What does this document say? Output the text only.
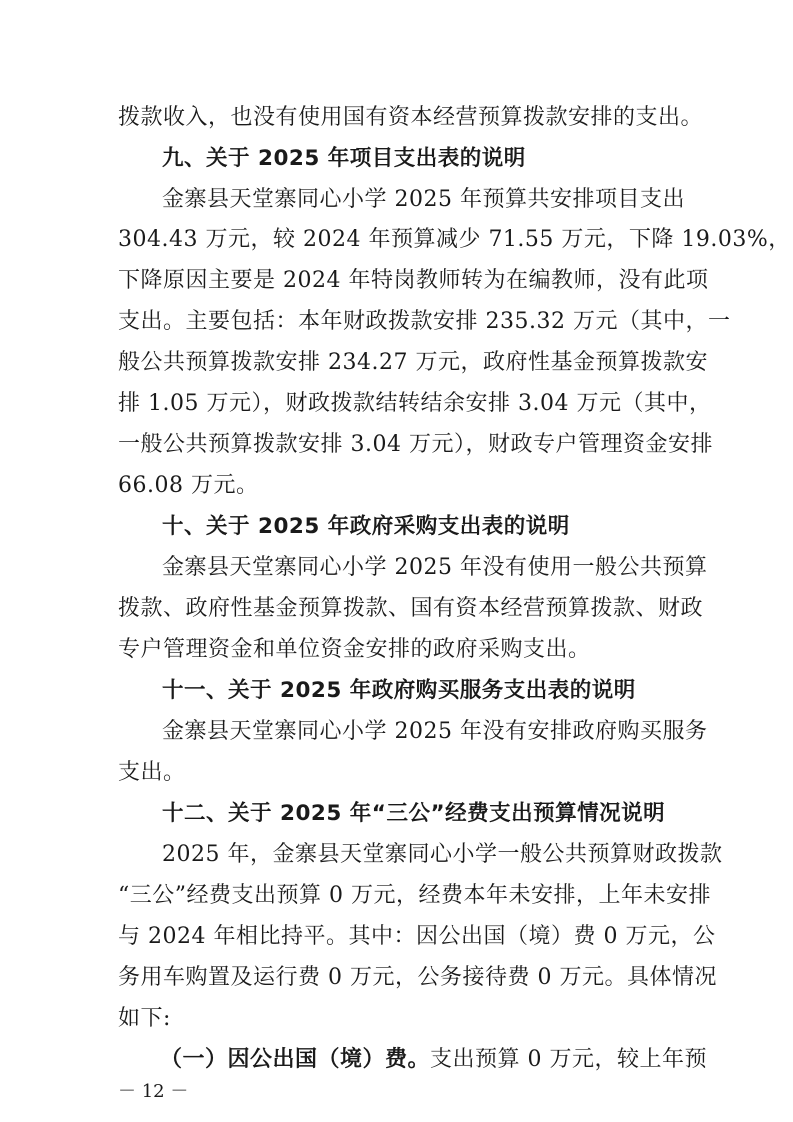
拨款收入，也没有使用国有资本经营预算拨款安排的支出。
九、关于 2025 年项目支出表的说明
金寨县天堂寨同心小学 2025 年预算共安排项目支出
304.43 万元，较 2024 年预算减少 71.55 万元，下降 19.03%，
下降原因主要是 2024 年特岗教师转为在编教师，没有此项
支出。主要包括：本年财政拨款安排 235.32 万元（其中，一
般公共预算拨款安排 234.27 万元，政府性基金预算拨款安
排 1.05 万元），财政拨款结转结余安排 3.04 万元（其中，
一般公共预算拨款安排 3.04 万元），财政专户管理资金安排
66.08 万元。
十、关于 2025 年政府采购支出表的说明
金寨县天堂寨同心小学 2025 年没有使用一般公共预算
拨款、政府性基金预算拨款、国有资本经营预算拨款、财政
专户管理资金和单位资金安排的政府采购支出。
十一、关于 2025 年政府购买服务支出表的说明
金寨县天堂寨同心小学 2025 年没有安排政府购买服务
支出。
十二、关于 2025 年“三公”经费支出预算情况说明
2025 年，金寨县天堂寨同心小学一般公共预算财政拨款
“三公”经费支出预算 0 万元，经费本年未安排，上年未安排
与 2024 年相比持平。其中：因公出国（境）费 0 万元，公
务用车购置及运行费 0 万元，公务接待费 0 万元。具体情况
如下:
（一）因公出国（境）费。支出预算 0 万元，较上年预
－ 12 －
